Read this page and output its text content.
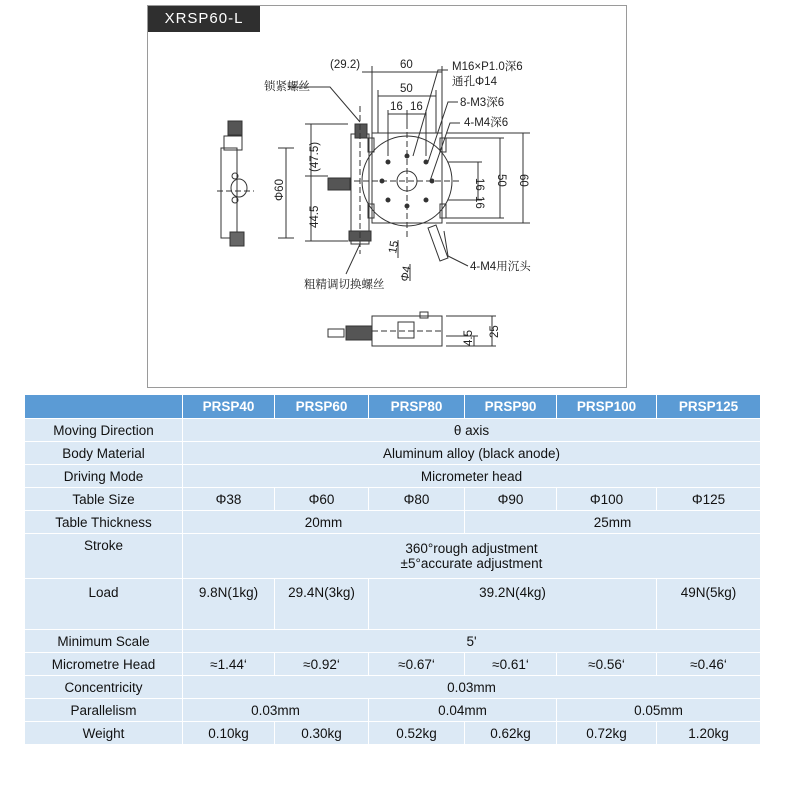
XRSP60-L
(29.2)	60
50
16 16
M16×P1.0深6
通孔Φ14
8-M3深6
4-M4深6
锁紧螺丝
(47.5)
Φ60
44.5
16
16
50 60
15
Φ4	4-M4用沉头
粗精调切换螺丝
4.5 25
	PRSP40	PRSP60	PRSP80	PRSP90	PRSP100	PRSP125
Moving Direction	θ axis					
Body Material	Aluminum alloy (black anode)					
Driving Mode	Micrometer head					
Table Size	Φ38	Φ60	Φ80	Φ90	Φ100	Φ125
Table Thickness	20mm			25mm		
Stroke	360°rough adjustment
±5°accurate adjustment					

Load	9.8N(1kg)	29.4N(3kg)	39.2N(4kg)			49N(5kg)
Minimum Scale	5'					
Micrometre Head	≈1.44‘	≈0.92‘	≈0.67‘	≈0.61‘	≈0.56‘	≈0.46‘
Concentricity	0.03mm					
Parallelism	0.03mm		0.04mm		0.05mm	
Weight	0.10kg	0.30kg	0.52kg	0.62kg	0.72kg	1.20kg
